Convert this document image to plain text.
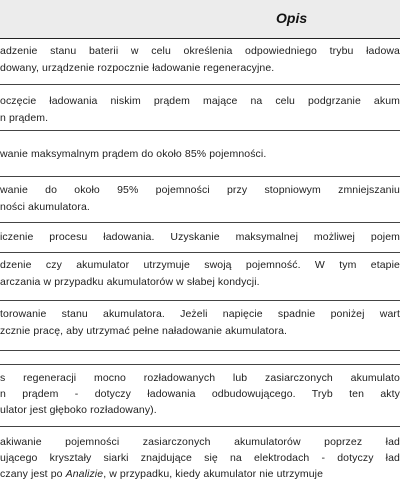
Opis
adzenie stanu baterii w celu określenia odpowiedniego trybu ładowa
dowany, urządzenie rozpocznie ładowanie regeneracyjne.
oczęcie ładowania niskim prądem mające na celu podgrzanie akum
n prądem.
wanie maksymalnym prądem do około 85% pojemności.
wanie do około 95% pojemności przy stopniowym zmniejszaniu
ności akumulatora.
iczenie procesu ładowania. Uzyskanie maksymalnej możliwej pojem
dzenie czy akumulator utrzymuje swoją pojemność. W tym etapie
arczania w przypadku akumulatorów w słabej kondycji.
torowanie stanu akumulatora. Jeżeli napięcie spadnie poniżej wart
zcznie pracę, aby utrzymać pełne naładowanie akumulatora.
s regeneracji mocno rozładowanych lub zasiarczonych akumulato
n prądem - dotyczy ładowania odbudowującego. Tryb ten akty
ulator jest głęboko rozładowany).
akiwanie pojemności zasiarczonych akumulatorów poprzez ład
ującego kryształy siarki znajdujące się na elektrodach - dotyczy ład
czany jest po Analizie, w przypadku, kiedy akumulator nie utrzymuje
